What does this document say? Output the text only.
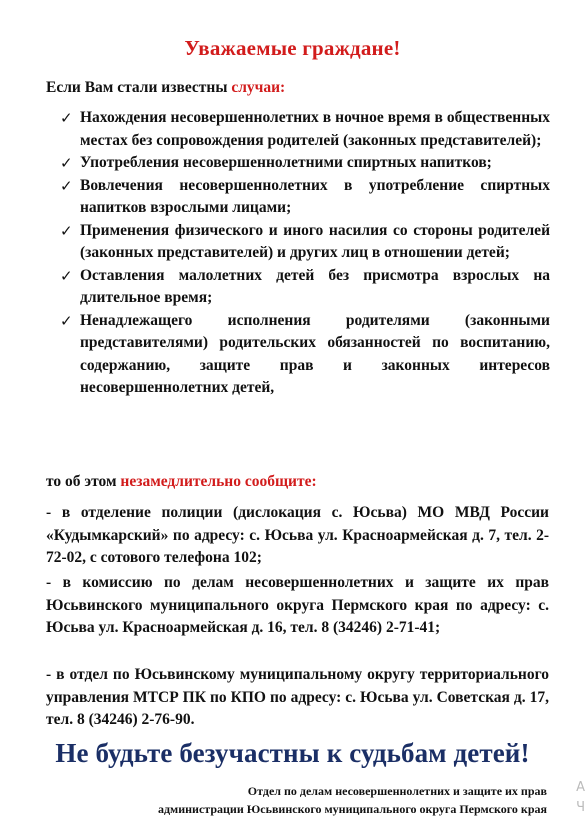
Уважаемые граждане!
Если Вам стали известны случаи:
✓ Нахождения несовершеннолетних в ночное время в общественных местах без сопровождения родителей (законных представителей);
✓ Употребления несовершеннолетними спиртных напитков;
✓ Вовлечения несовершеннолетних в употребление спиртных напитков взрослыми лицами;
✓ Применения физического и иного насилия со стороны родителей (законных представителей) и других лиц в отношении детей;
✓ Оставления малолетних детей без присмотра взрослых на длительное время;
✓ Ненадлежащего исполнения родителями (законными представителями) родительских обязанностей по воспитанию, содержанию, защите прав и законных интересов несовершеннолетних детей,
то об этом незамедлительно сообщите:
- в отделение полиции (дислокация с. Юсьва) МО МВД России «Кудымкарский» по адресу: с. Юсьва ул. Красноармейская д. 7, тел. 2-72-02, с сотового телефона 102;
- в комиссию по делам несовершеннолетних и защите их прав Юсьвинского муниципального округа Пермского края по адресу: с. Юсьва ул. Красноармейская д. 16, тел. 8 (34246) 2-71-41;
- в отдел по Юсьвинскому муниципальному округу территориального управления МТСР ПК по КПО по адресу: с. Юсьва ул. Советская д. 17, тел. 8 (34246) 2-76-90.
Не будьте безучастны к судьбам детей!
Отдел по делам несовершеннолетних и защите их прав
администрации Юсьвинского муниципального округа Пермского края
А
Ч
